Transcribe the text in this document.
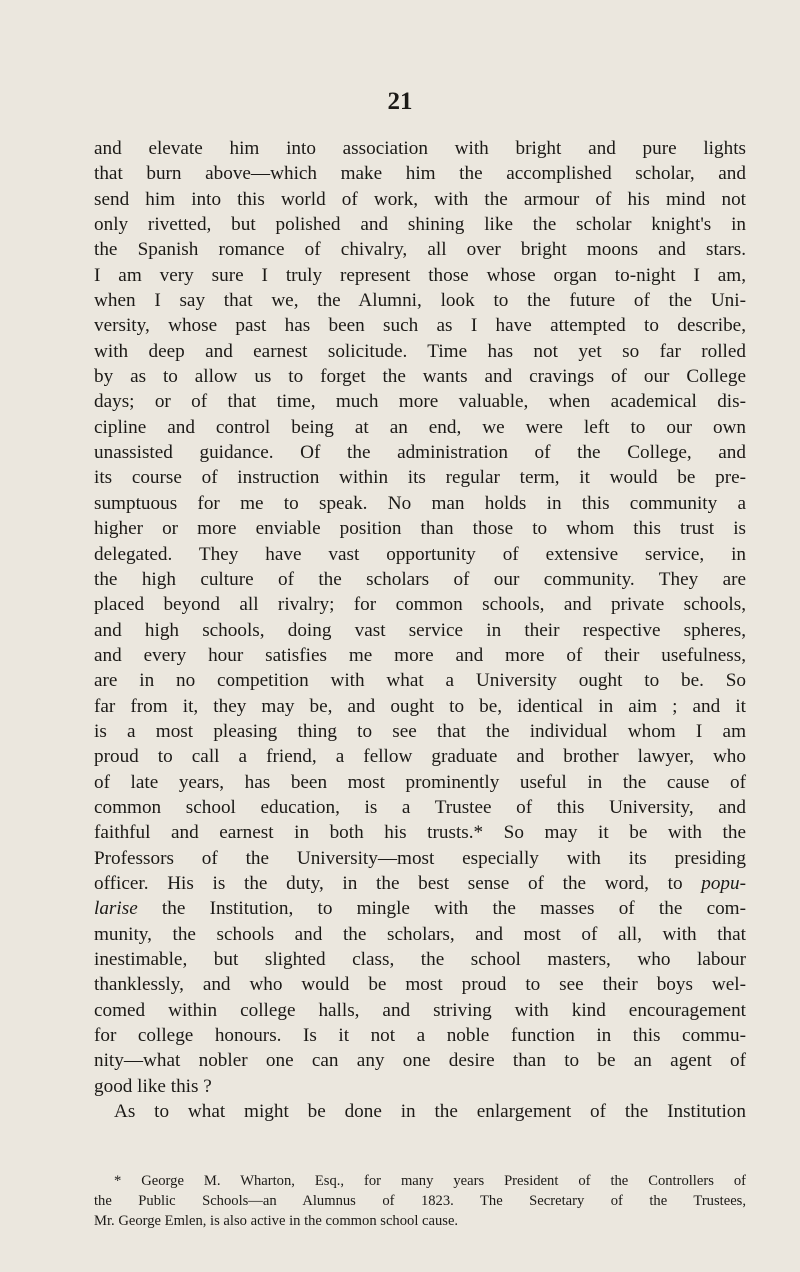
21

and elevate him into association with bright and pure lights
that burn above—which make him the accomplished scholar, and
send him into this world of work, with the armour of his mind not
only rivetted, but polished and shining like the scholar knight's in
the Spanish romance of chivalry, all over bright moons and stars.
I am very sure I truly represent those whose organ to-night I am,
when I say that we, the Alumni, look to the future of the Uni-
versity, whose past has been such as I have attempted to describe,
with deep and earnest solicitude. Time has not yet so far rolled
by as to allow us to forget the wants and cravings of our College
days; or of that time, much more valuable, when academical dis-
cipline and control being at an end, we were left to our own
unassisted guidance. Of the administration of the College, and
its course of instruction within its regular term, it would be pre-
sumptuous for me to speak. No man holds in this community a
higher or more enviable position than those to whom this trust is
delegated. They have vast opportunity of extensive service, in
the high culture of the scholars of our community. They are
placed beyond all rivalry; for common schools, and private schools,
and high schools, doing vast service in their respective spheres,
and every hour satisfies me more and more of their usefulness,
are in no competition with what a University ought to be. So
far from it, they may be, and ought to be, identical in aim ; and it
is a most pleasing thing to see that the individual whom I am
proud to call a friend, a fellow graduate and brother lawyer, who
of late years, has been most prominently useful in the cause of
common school education, is a Trustee of this University, and
faithful and earnest in both his trusts.* So may it be with the
Professors of the University—most especially with its presiding
officer. His is the duty, in the best sense of the word, to popu-
larise the Institution, to mingle with the masses of the com-
munity, the schools and the scholars, and most of all, with that
inestimable, but slighted class, the school masters, who labour
thanklessly, and who would be most proud to see their boys wel-
comed within college halls, and striving with kind encouragement
for college honours. Is it not a noble function in this commu-
nity—what nobler one can any one desire than to be an agent of
good like this ?

As to what might be done in the enlargement of the Institution

* George M. Wharton, Esq., for many years President of the Controllers of
the Public Schools—an Alumnus of 1823. The Secretary of the Trustees,
Mr. George Emlen, is also active in the common school cause.
